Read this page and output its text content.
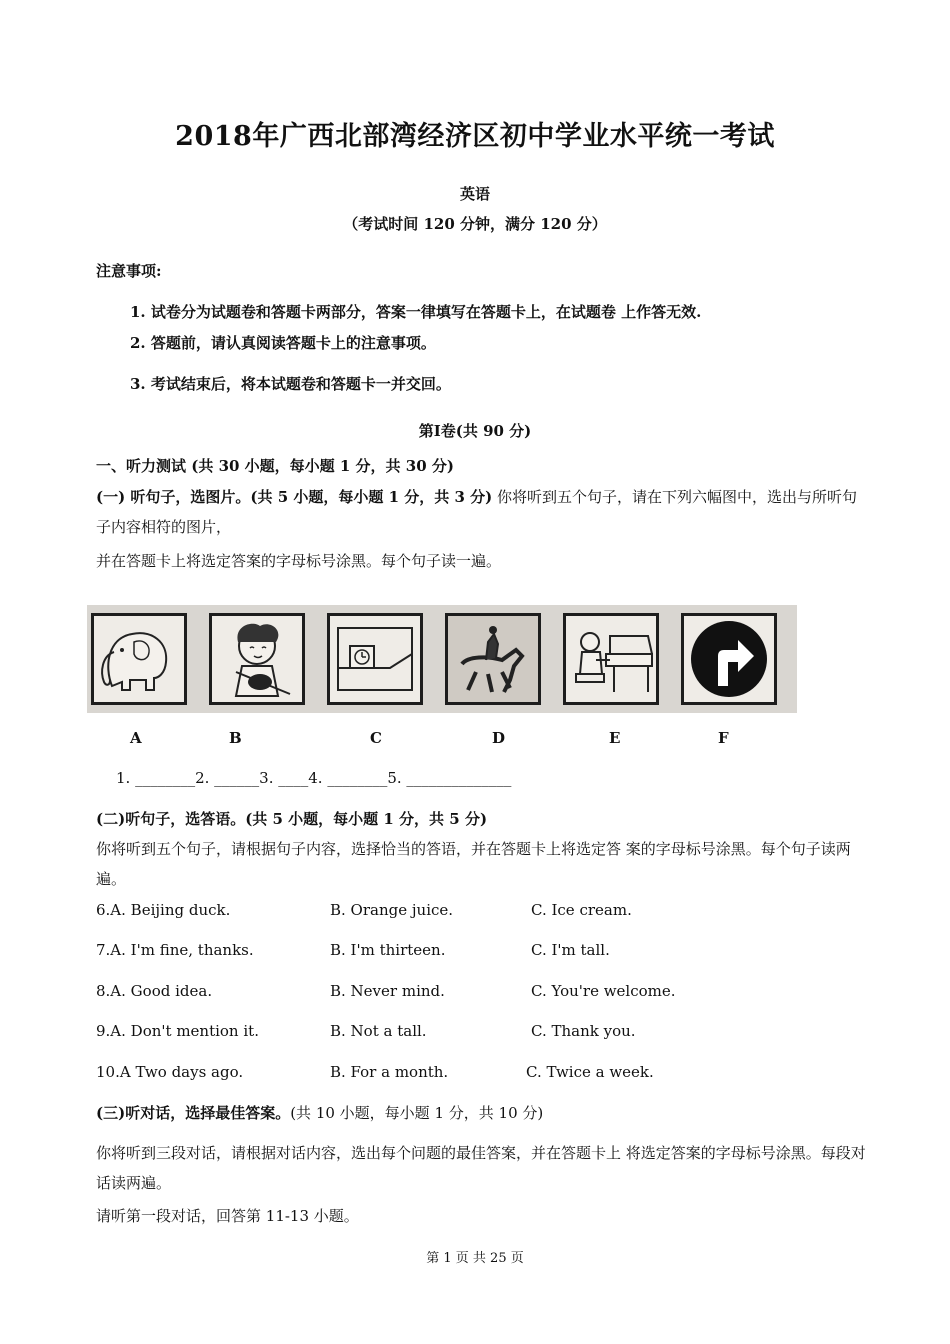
2018年广西北部湾经济区初中学业水平统一考试
英语
（考试时间 120 分钟，满分 120 分）
注意事项:
1. 试卷分为试题卷和答题卡两部分，答案一律填写在答题卡上，在试题卷 上作答无效.
2. 答题前，请认真阅读答题卡上的注意事项。
3. 考试结束后，将本试题卷和答题卡一并交回。
第Ⅰ卷(共 90 分)
一、听力测试 (共 30 小题，每小题 1 分，共 30 分)
(一) 听句子，选图片。(共 5 小题，每小题 1 分，共 3 分) 你将听到五个句子，请在下列六幅图中，选出与所听句子内容相符的图片，
并在答题卡上将选定答案的字母标号涂黑。每个句子读一遍。
A	B	C	D	E	F
1. ________2. ______3. ____4. ________5. ______________
(二)听句子，选答语。(共 5 小题，每小题 1 分，共 5 分)
你将听到五个句子，请根据句子内容，选择恰当的答语，并在答题卡上将选定答 案的字母标号涂黑。每个句子读两遍。
6.A. Beijing duck.	B. Orange juice.	C. Ice cream.
7.A. I'm fine, thanks.	B. I'm thirteen.	C. I'm tall.
8.A. Good idea.	B. Never mind.	C. You're welcome.
9.A. Don't mention it.	B. Not a tall.	C. Thank you.
10.A Two days ago.	B. For a month.	C. Twice a week.
(三)听对话，选择最佳答案。(共 10 小题，每小题 1 分，共 10 分)
你将听到三段对话，请根据对话内容，选出每个问题的最佳答案，并在答题卡上 将选定答案的字母标号涂黑。每段对话读两遍。
请听第一段对话，回答第 11-13 小题。
第 1 页 共 25 页
